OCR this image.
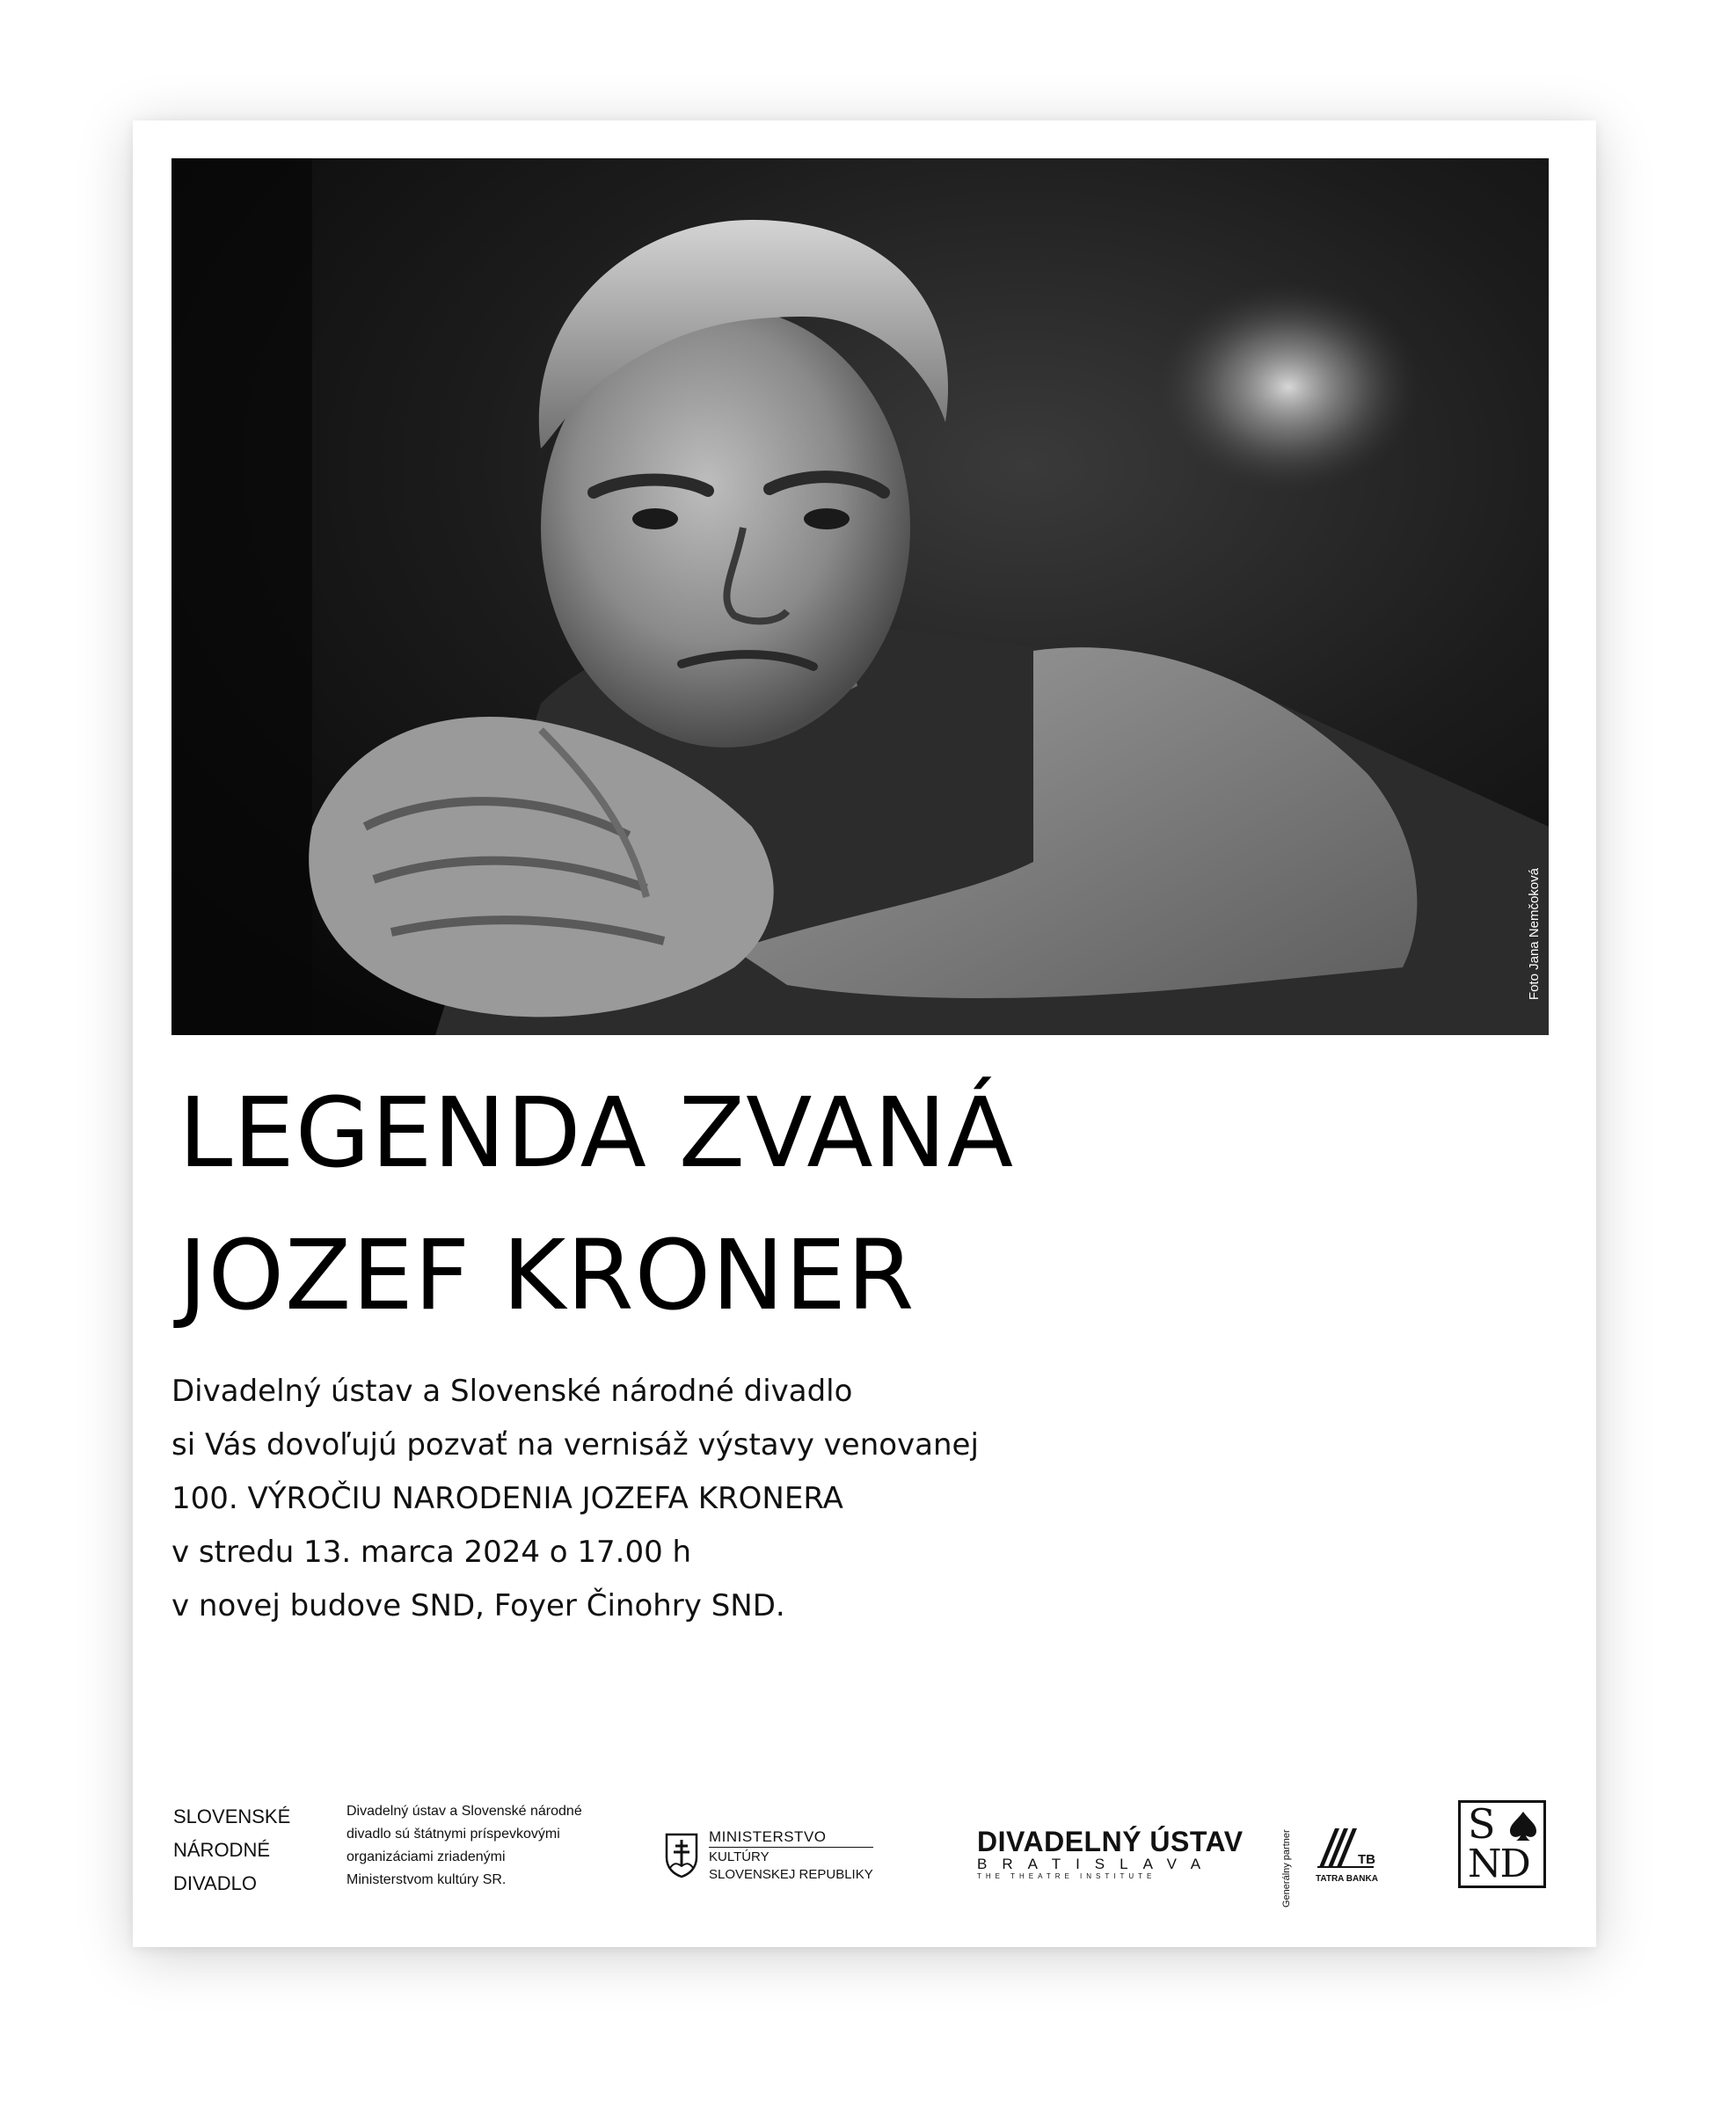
Foto Jana Nemčoková
LEGENDA ZVANÁ
JOZEF KRONER
Divadelný ústav a Slovenské národné divadlo
si Vás dovoľujú pozvať na vernisáž výstavy venovanej
100. VÝROČIU NARODENIA JOZEFA KRONERA
v stredu 13. marca 2024 o 17.00 h
v novej budove SND, Foyer Činohry SND.
SLOVENSKÉ
NÁRODNÉ
DIVADLO
Divadelný ústav a Slovenské národné
divadlo sú štátnymi príspevkovými
organizáciami zriadenými
Ministerstvom kultúry SR.
MINISTERSTVO
KULTÚRY
SLOVENSKEJ REPUBLIKY
DIVADELNÝ ÚSTAV
BRATISLAVA
THE THEATRE INSTITUTE	Generálny partner	TB
TATRA BANKA
S
ND
